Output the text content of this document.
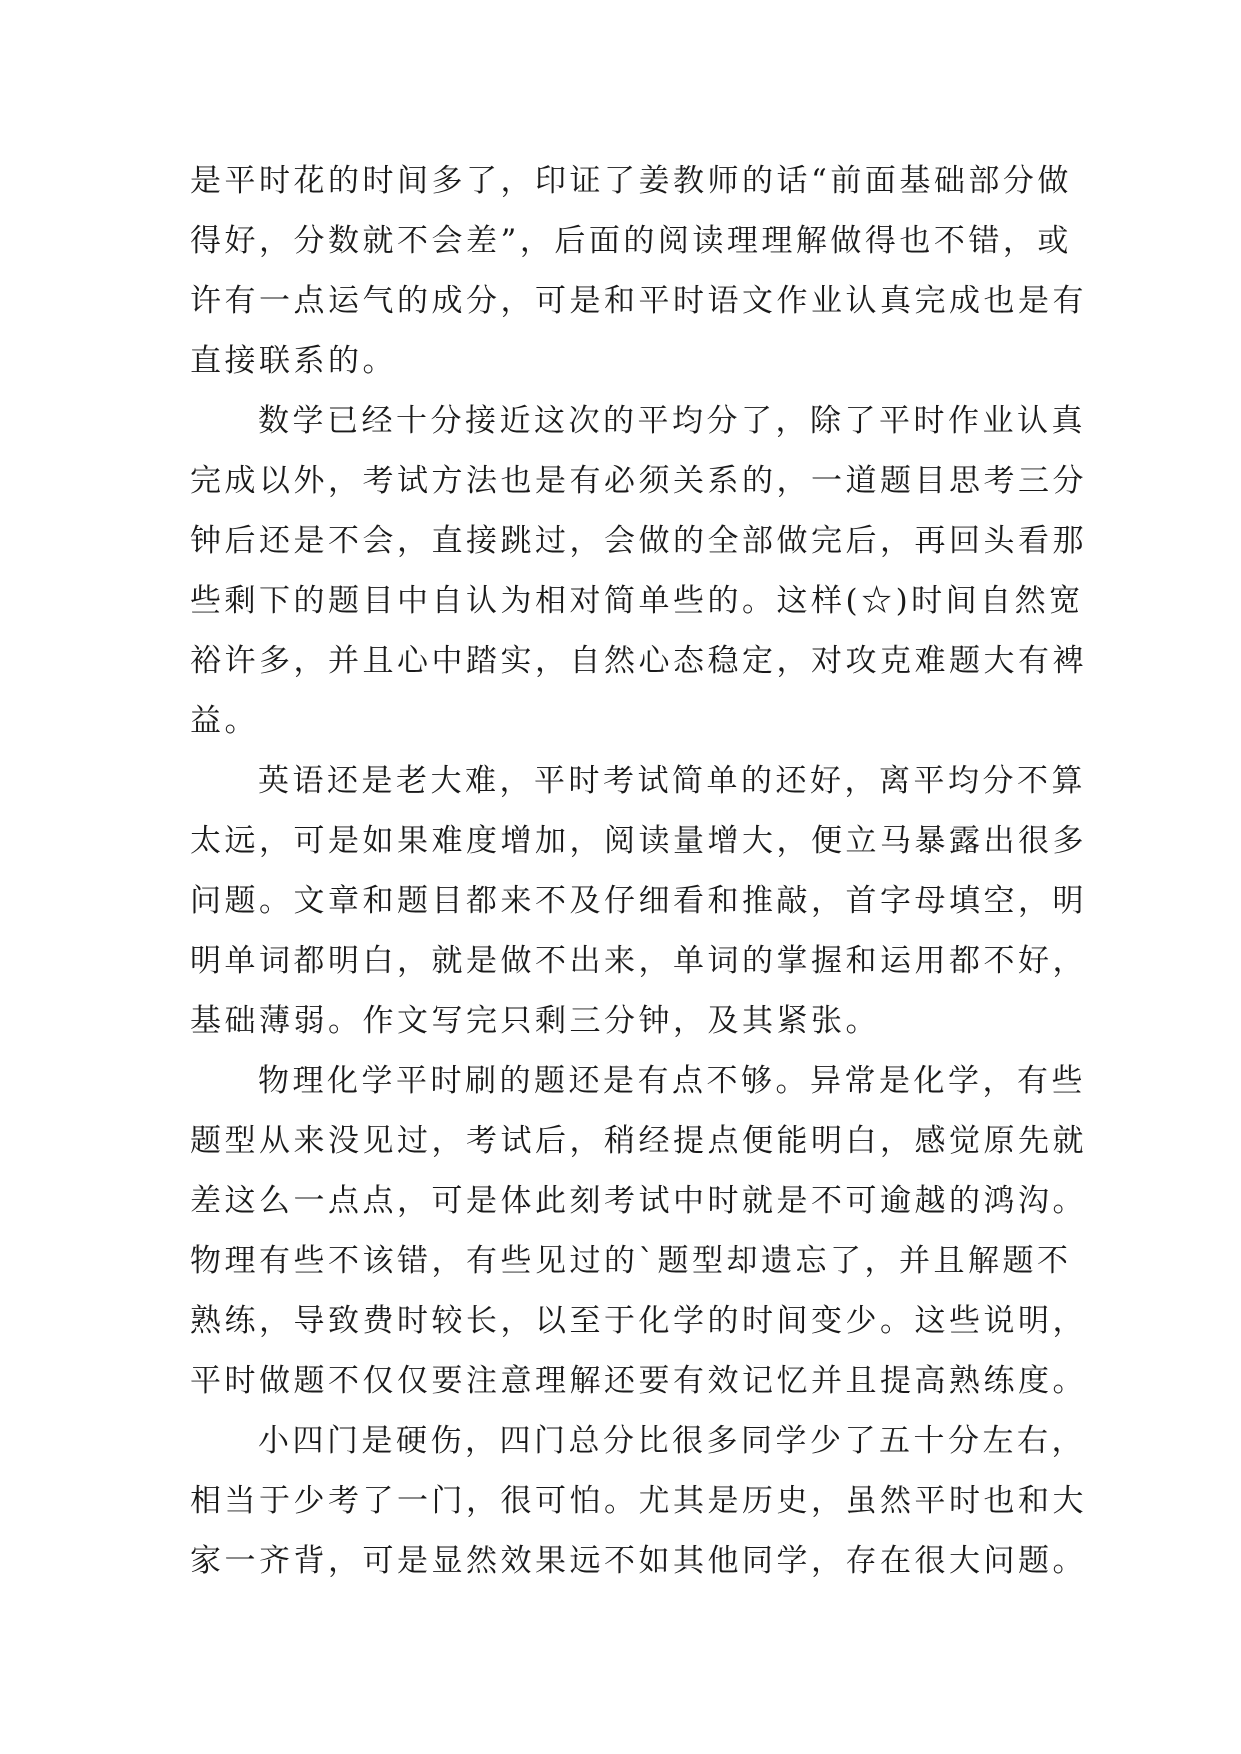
是平时花的时间多了，印证了姜教师的话“前面基础部分做
得好，分数就不会差”，后面的阅读理理解做得也不错，或
许有一点运气的成分，可是和平时语文作业认真完成也是有
直接联系的。
数学已经十分接近这次的平均分了，除了平时作业认真
完成以外，考试方法也是有必须关系的，一道题目思考三分
钟后还是不会，直接跳过，会做的全部做完后，再回头看那
些剩下的题目中自认为相对简单些的。这样(☆)时间自然宽
裕许多，并且心中踏实，自然心态稳定，对攻克难题大有裨
益。
英语还是老大难，平时考试简单的还好，离平均分不算
太远，可是如果难度增加，阅读量增大，便立马暴露出很多
问题。文章和题目都来不及仔细看和推敲，首字母填空，明
明单词都明白，就是做不出来，单词的掌握和运用都不好，
基础薄弱。作文写完只剩三分钟，及其紧张。
物理化学平时刷的题还是有点不够。异常是化学，有些
题型从来没见过，考试后，稍经提点便能明白，感觉原先就
差这么一点点，可是体此刻考试中时就是不可逾越的鸿沟。
物理有些不该错，有些见过的`题型却遗忘了，并且解题不
熟练，导致费时较长，以至于化学的时间变少。这些说明，
平时做题不仅仅要注意理解还要有效记忆并且提高熟练度。
小四门是硬伤，四门总分比很多同学少了五十分左右，
相当于少考了一门，很可怕。尤其是历史，虽然平时也和大
家一齐背，可是显然效果远不如其他同学，存在很大问题。
